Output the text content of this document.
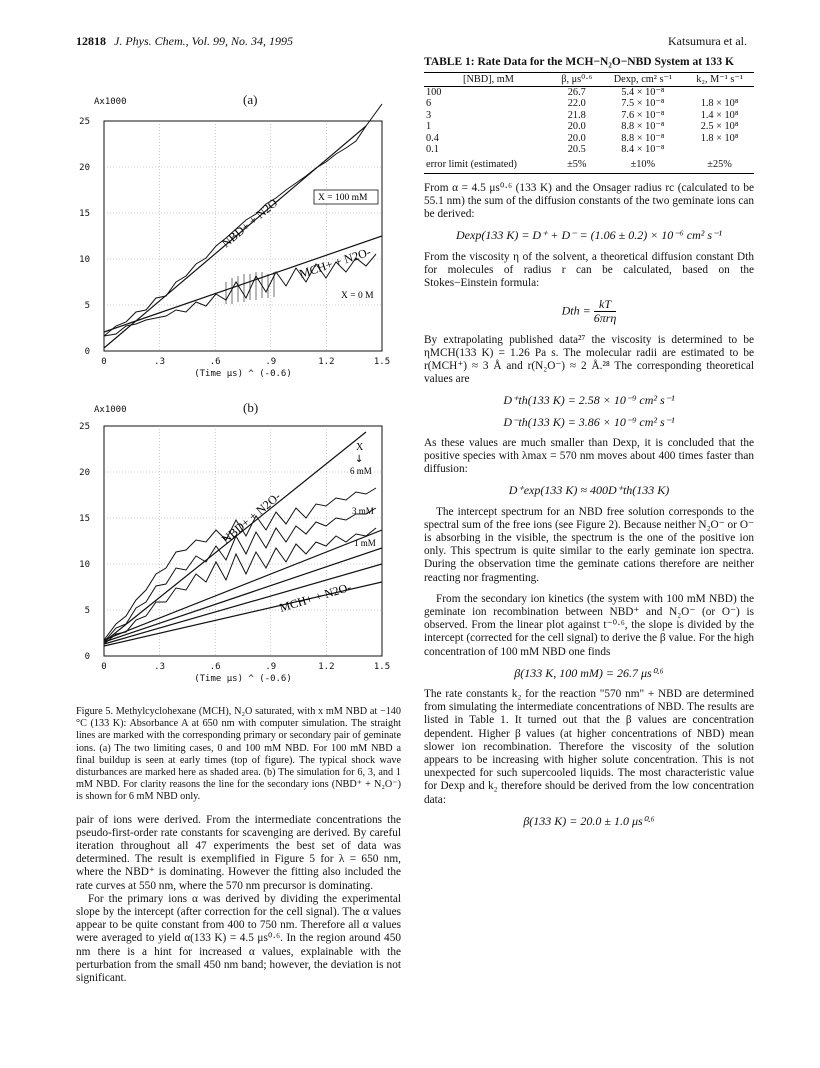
12818 J. Phys. Chem., Vol. 99, No. 34, 1995	Katsumura et al.
Ax1000	(a)
0
5
10
15
20
25
0	.3	.6	.9	1.2	1.5
(Time μs) ^ (-0.6)
NBD+ + N2O-	X = 100 mM
MCH+ + N2O-
X = 0 M
Ax1000	(b)
0
5
10
15
20
25
0	.3	.6	.9	1.2	1.5
(Time μs) ^ (-0.6)
NBD+ + N2O-
X
↓
6 mM
3 mM
1 mM
MCH+ + N2O-
Figure 5. Methylcyclohexane (MCH), N₂O saturated, with x mM NBD at −140 °C (133 K): Absorbance A at 650 nm with computer simulation. The straight lines are marked with the corresponding primary or secondary pair of geminate ions. (a) The two limiting cases, 0 and 100 mM NBD. For 100 mM NBD a final buildup is seen at early times (top of figure). The typical shock wave disturbances are marked here as shaded area. (b) The simulation for 6, 3, and 1 mM NBD. For clarity reasons the line for the secondary ions (NBD⁺ + N₂O⁻) is shown for 6 mM NBD only.

pair of ions were derived. From the intermediate concentrations the pseudo-first-order rate constants for scavenging are derived. By careful iteration throughout all 47 experiments the best set of data was determined. The result is exemplified in Figure 5 for λ = 650 nm, where the NBD⁺ is dominating. However the fitting also included the rate curves at 550 nm, where the 570 nm precursor is dominating.

For the primary ions α was derived by dividing the experimental slope by the intercept (after correction for the cell signal). The α values appear to be quite constant from 400 to 750 nm. Therefore all α values were averaged to yield α(133 K) = 4.5 μs⁰·⁶. In the region around 450 nm there is a hint for increased α values, explainable with the perturbation from the small 450 nm band; however, the deviation is not significant.

TABLE 1: Rate Data for the MCH−N₂O−NBD System at 133 K
[NBD], mM	β, μs⁰·⁶	Dexp, cm² s⁻¹	k₂, M⁻¹ s⁻¹
100	26.7	5.4 × 10⁻⁸	
6	22.0	7.5 × 10⁻⁸	1.8 × 10⁸
3	21.8	7.6 × 10⁻⁸	1.4 × 10⁸
1	20.0	8.8 × 10⁻⁸	2.5 × 10⁸
0.4	20.0	8.8 × 10⁻⁸	1.8 × 10⁸
0.1	20.5	8.4 × 10⁻⁸	
error limit (estimated)	±5%	±10%	±25%
From α = 4.5 μs⁰·⁶ (133 K) and the Onsager radius rc (calculated to be 55.1 nm) the sum of the diffusion constants of the two geminate ions can be derived:
Dexp(133 K) = D⁺ + D⁻ = (1.06 ± 0.2) × 10⁻⁶ cm² s⁻¹
From the viscosity η of the solvent, a theoretical diffusion constant Dth for molecules of radius r can be calculated, based on the Stokes−Einstein formula:
Dth = $\frac{kT}{\text{6πrη}}$
By extrapolating published data²⁷ the viscosity is determined to be ηMCH(133 K) = 1.26 Pa s. The molecular radii are estimated to be r(MCH⁺) ≈ 3 Å and r(N₂O⁻) ≈ 2 Å.²⁸ The corresponding theoretical values are
D⁺th(133 K) = 2.58 × 10⁻⁹ cm² s⁻¹
D⁻th(133 K) = 3.86 × 10⁻⁹ cm² s⁻¹
As these values are much smaller than Dexp, it is concluded that the positive species with λmax = 570 nm moves about 400 times faster than diffusion:
D⁺exp(133 K) ≈ 400D⁺th(133 K)
The intercept spectrum for an NBD free solution corresponds to the spectral sum of the free ions (see Figure 2). Because neither N₂O⁻ or O⁻ is absorbing in the visible, the spectrum is the one of the positive ion only. This spectrum is quite similar to the early geminate ion spectra. During the observation time the geminate cations therefore are neither reacting nor fragmenting.
From the secondary ion kinetics (the system with 100 mM NBD) the geminate ion recombination between NBD⁺ and N₂O⁻ (or O⁻) is observed. From the linear plot against t⁻⁰·⁶, the slope is divided by the intercept (corrected for the cell signal) to derive the β value. For the high concentration of 100 mM NBD one finds
β(133 K, 100 mM) = 26.7 μs⁰·⁶
The rate constants k₂ for the reaction "570 nm" + NBD are determined from simulating the intermediate concentrations of NBD. The results are listed in Table 1. It turned out that the β values are concentration dependent. Higher β values (at higher concentrations of NBD) mean slower ion recombination. Therefore the viscosity of the solution appears to be increasing with higher solute concentration. This is not unexpected for such supercooled liquids. The most characteristic value for Dexp and k₂ therefore should be derived from the low concentration data:
β(133 K) = 20.0 ± 1.0 μs⁰·⁶
